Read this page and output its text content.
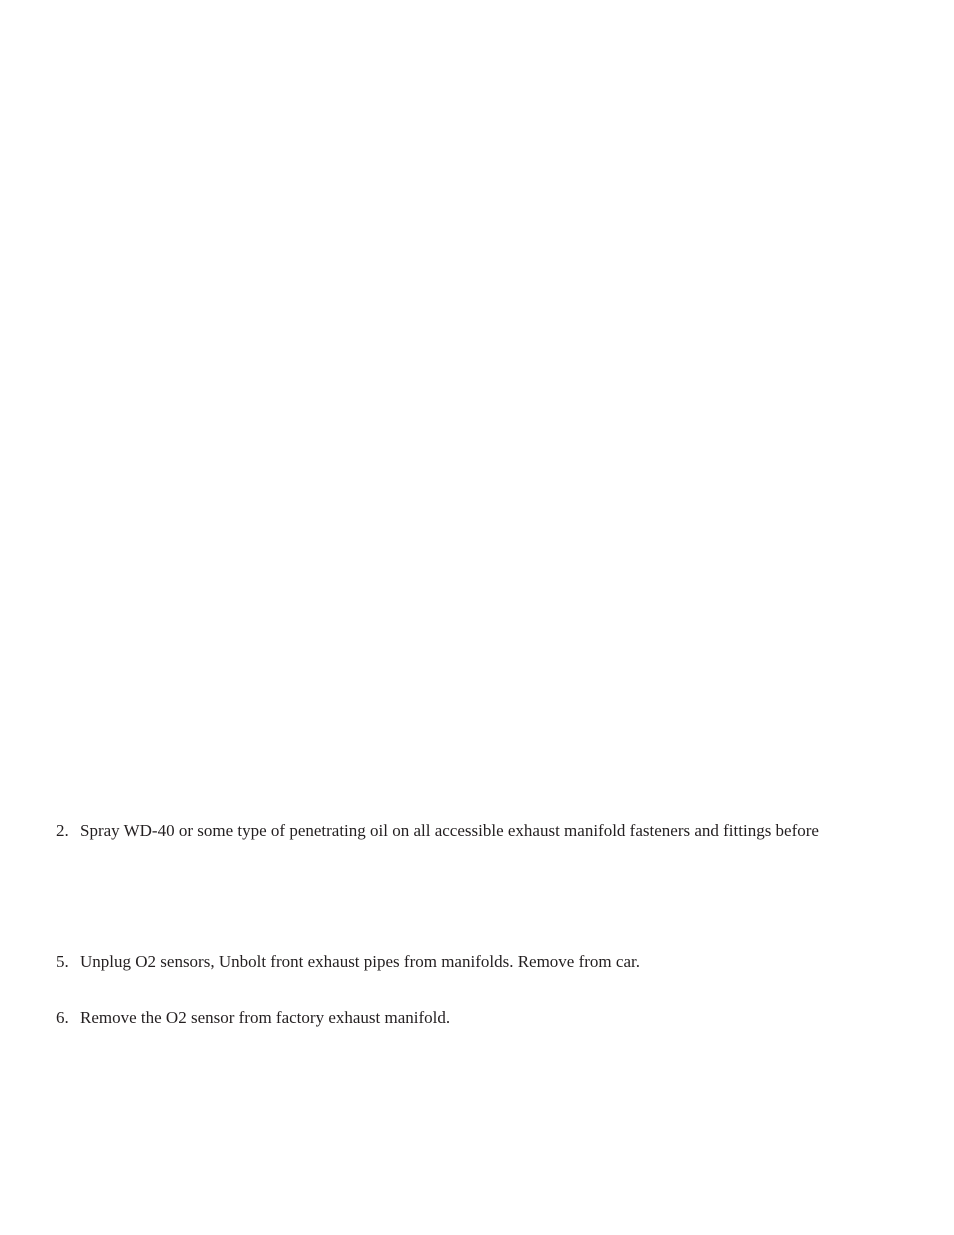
2. Spray WD-40 or some type of penetrating oil on all accessible exhaust manifold fasteners and fittings before
5. Unplug O2 sensors, Unbolt front exhaust pipes from manifolds. Remove from car.
6. Remove the O2 sensor from factory exhaust manifold.
